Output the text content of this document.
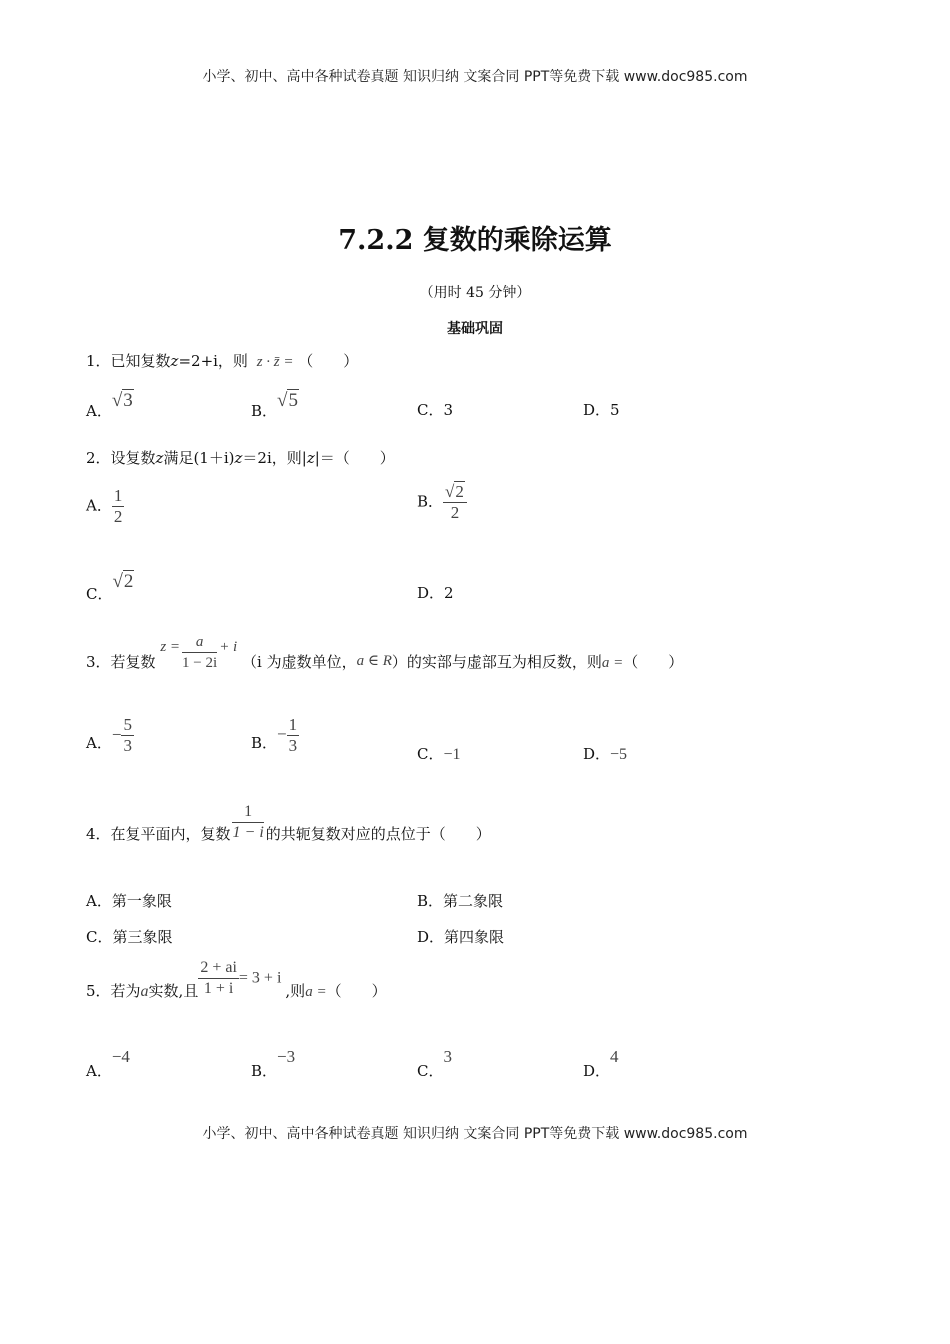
小学、初中、高中各种试卷真题 知识归纳 文案合同 PPT等免费下载 www.doc985.com
7.2.2 复数的乘除运算
（用时 45 分钟）
基础巩固
1．已知复数z=2+i，则 z · z̄ = （　　）
A．√3	B．√5	C．3	D．5
2．设复数z满足(1＋i)z＝2i，则|z|＝（　　）
A． $\frac{1}{2}$	B． $\frac{√2}{2}$
C．√2
D．2
3．若复数 $z = \frac{a}{1 - 2i} + i$ （i 为虚数单位，a ∈ R）的实部与虚部互为相反数，则a =（　　）
A．− $\frac{5}{3}$	B．− $\frac{1}{3}$	C．−1	D．−5
4．在复平面内，复数 $\frac{1}{1 - i}$ 的共轭复数对应的点位于（　　）
A．第一象限	B．第二象限
C．第三象限	D．第四象限
5．若为a实数,且 $\frac{2 + ai}{1 + i} = 3 + i$,则a =（　　）
A．−4
B．−3
C．3
D．4
小学、初中、高中各种试卷真题 知识归纳 文案合同 PPT等免费下载 www.doc985.com
